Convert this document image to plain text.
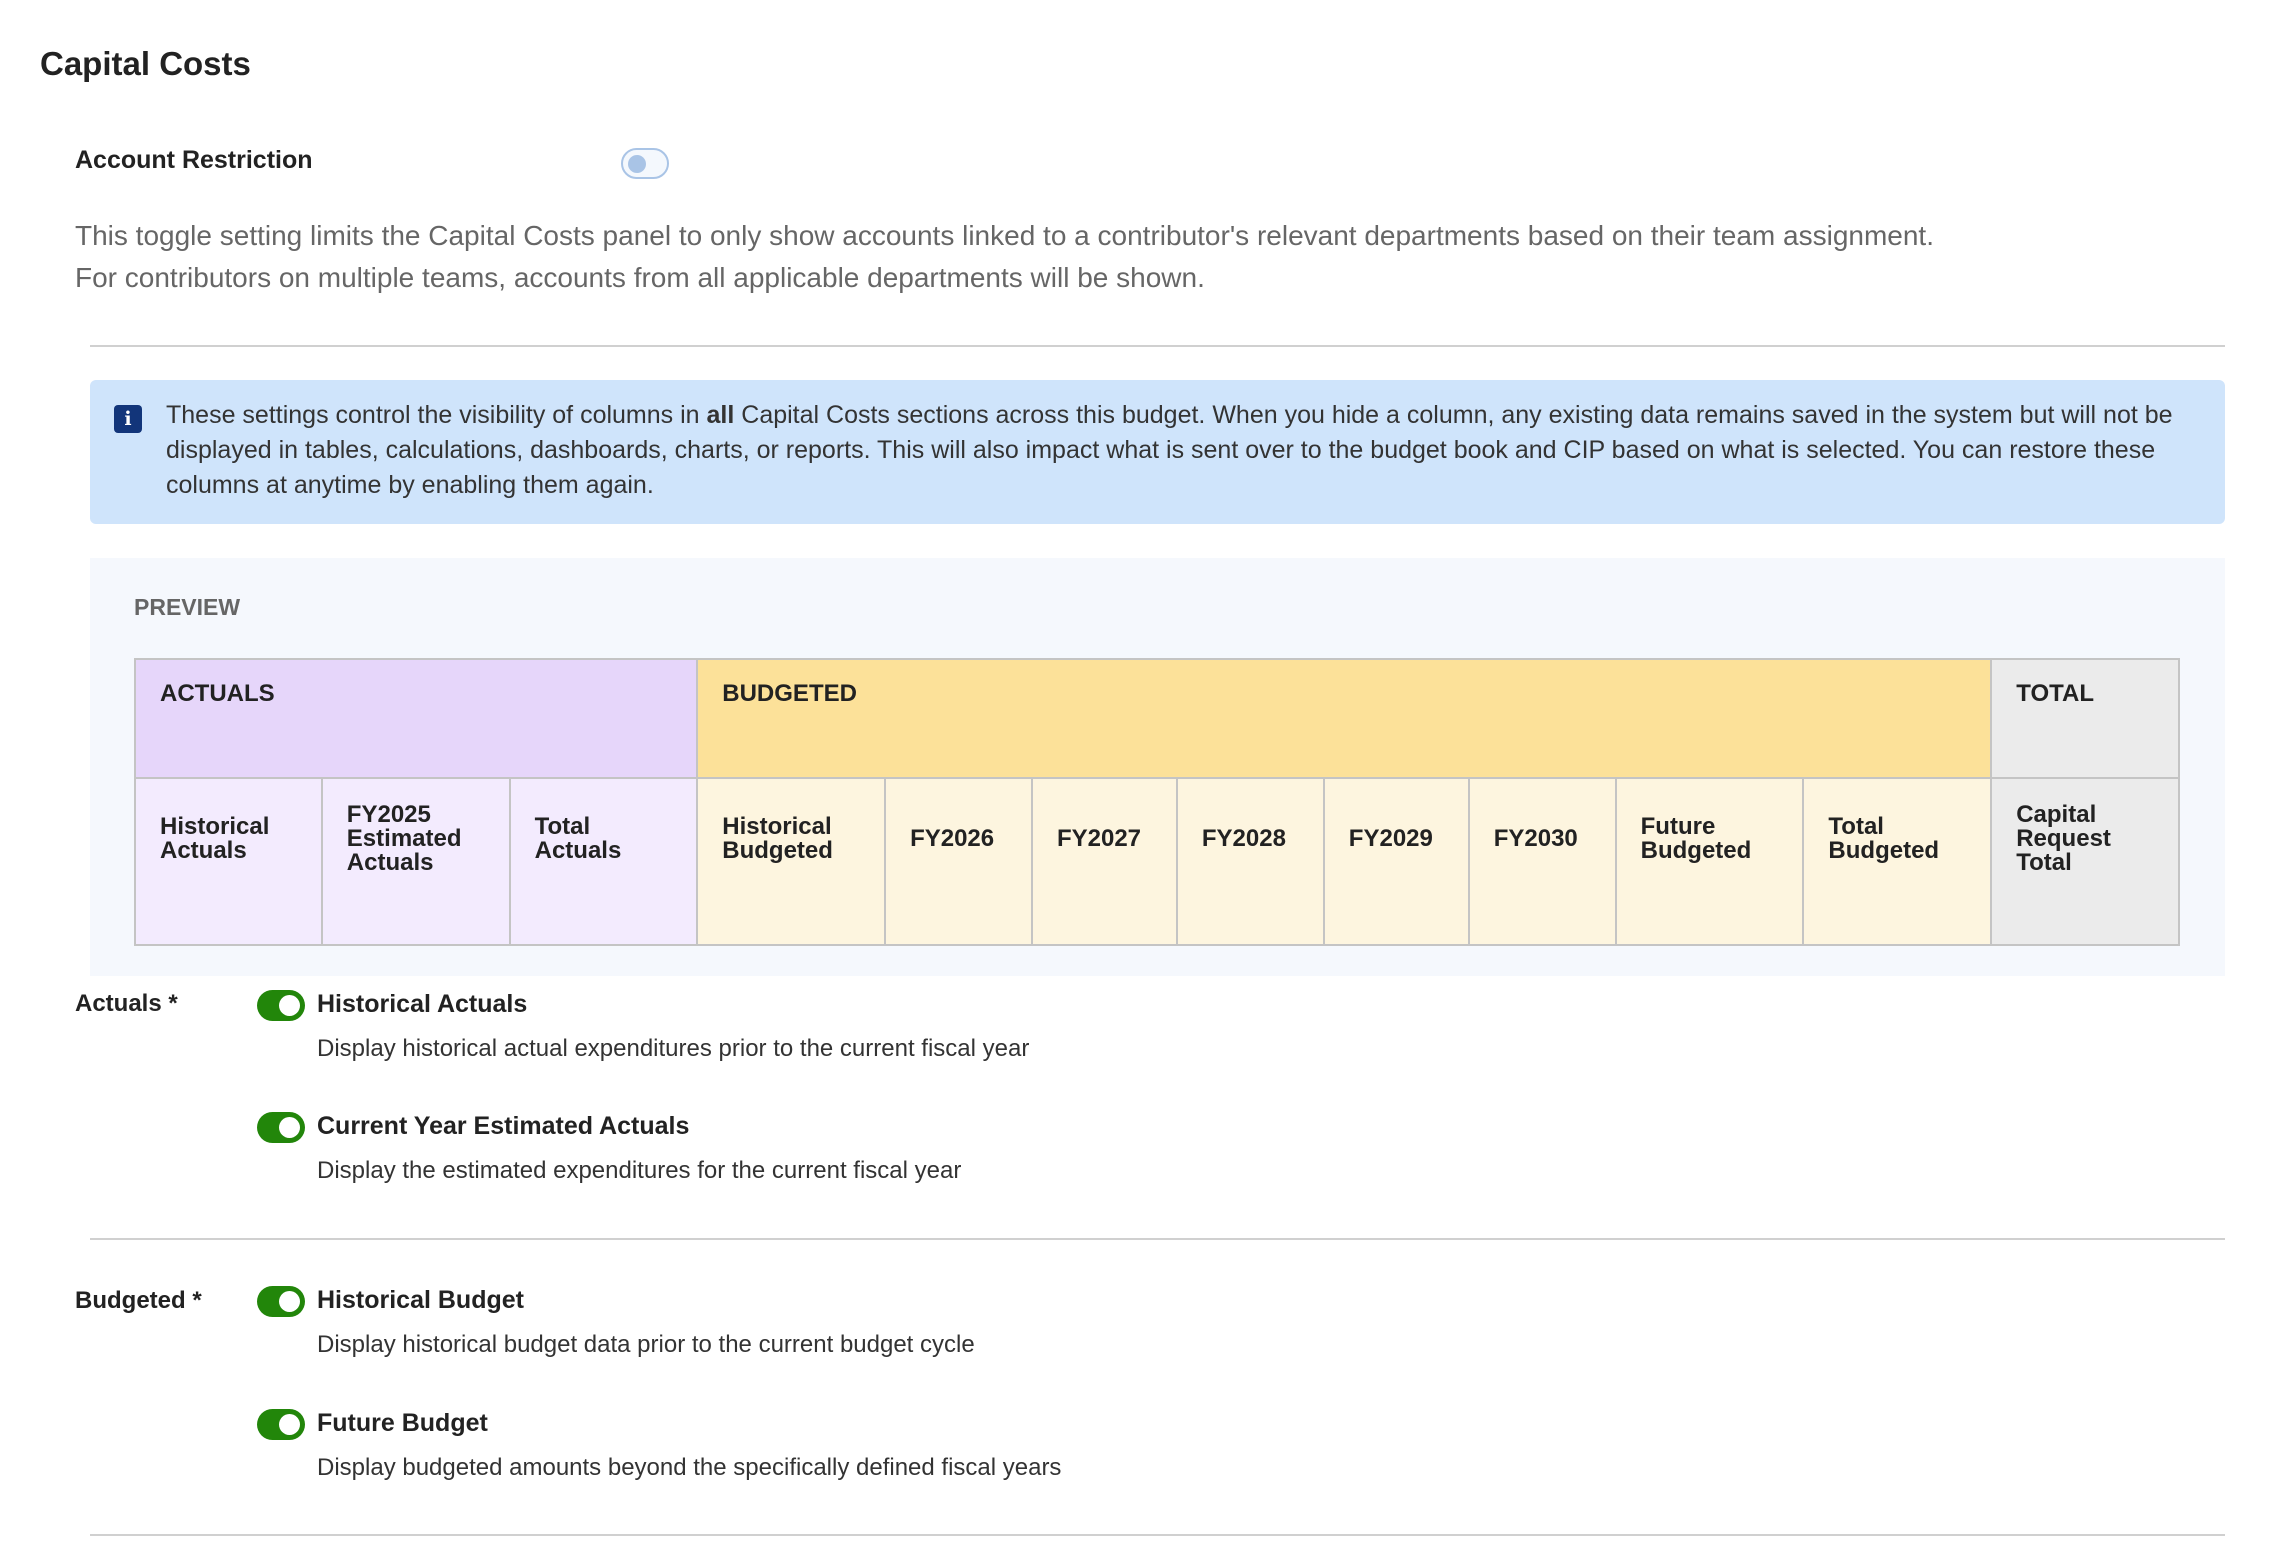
Capital Costs
Account Restriction
This toggle setting limits the Capital Costs panel to only show accounts linked to a contributor's relevant departments based on their team assignment.
For contributors on multiple teams, accounts from all applicable departments will be shown.
i	These settings control the visibility of columns in all Capital Costs sections across this budget. When you hide a column, any existing data remains saved in the system but will not be displayed in tables, calculations, dashboards, charts, or reports. This will also impact what is sent over to the budget book and CIP based on what is selected. You can restore these columns at anytime by enabling them again.
PREVIEW
ACTUALS			BUDGETED								TOTAL
Historical Actuals	FY2025 Estimated Actuals	Total Actuals	Historical Budgeted	FY2026	FY2027	FY2028	FY2029	FY2030	Future Budgeted	Total Budgeted	Capital Request Total
Actuals *	Historical Actuals
Display historical actual expenditures prior to the current fiscal year
Current Year Estimated Actuals
Display the estimated expenditures for the current fiscal year
Budgeted *	Historical Budget
Display historical budget data prior to the current budget cycle
Future Budget
Display budgeted amounts beyond the specifically defined fiscal years
